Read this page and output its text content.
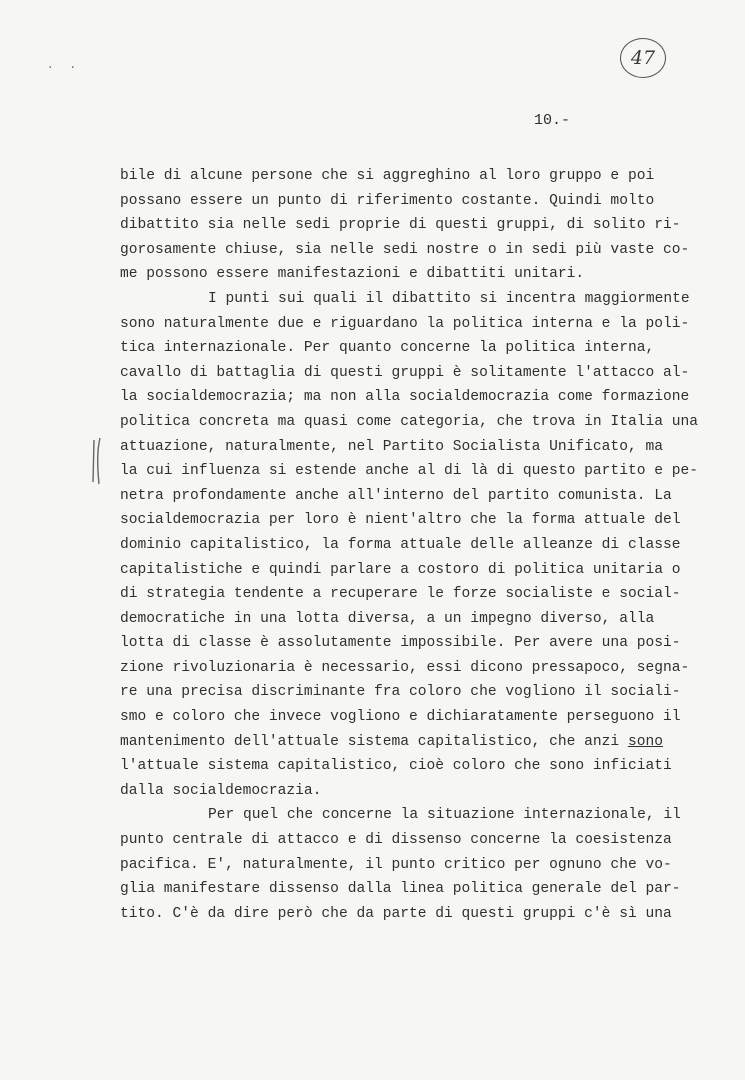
47
..
10.-
bile di alcune persone che si aggreghino al loro gruppo e poi
possano essere un punto di riferimento costante. Quindi molto
dibattito sia nelle sedi proprie di questi gruppi, di solito ri-
gorosamente chiuse, sia nelle sedi nostre o in sedi più vaste co-
me possono essere manifestazioni e dibattiti unitari.
I punti sui quali il dibattito si incentra maggiormente
sono naturalmente due e riguardano la politica interna e la poli-
tica internazionale. Per quanto concerne la politica interna,
cavallo di battaglia di questi gruppi è solitamente l'attacco al-
la socialdemocrazia; ma non alla socialdemocrazia come formazione
politica concreta ma quasi come categoria, che trova in Italia una
attuazione, naturalmente, nel Partito Socialista Unificato, ma
la cui influenza si estende anche al di là di questo partito e pe-
netra profondamente anche all'interno del partito comunista. La
socialdemocrazia per loro è nient'altro che la forma attuale del
dominio capitalistico, la forma attuale delle alleanze di classe
capitalistiche e quindi parlare a costoro di politica unitaria o
di strategia tendente a recuperare le forze socialiste e social-
democratiche in una lotta diversa, a un impegno diverso, alla
lotta di classe è assolutamente impossibile. Per avere una posi-
zione rivoluzionaria è necessario, essi dicono pressapoco, segna-
re una precisa discriminante fra coloro che vogliono il sociali-
smo e coloro che invece vogliono e dichiaratamente perseguono il
mantenimento dell'attuale sistema capitalistico, che anzi sono
l'attuale sistema capitalistico, cioè coloro che sono inficiati
dalla socialdemocrazia.
Per quel che concerne la situazione internazionale, il
punto centrale di attacco e di dissenso concerne la coesistenza
pacifica. E', naturalmente, il punto critico per ognuno che vo-
glia manifestare dissenso dalla linea politica generale del par-
tito. C'è da dire però che da parte di questi gruppi c'è sì una
